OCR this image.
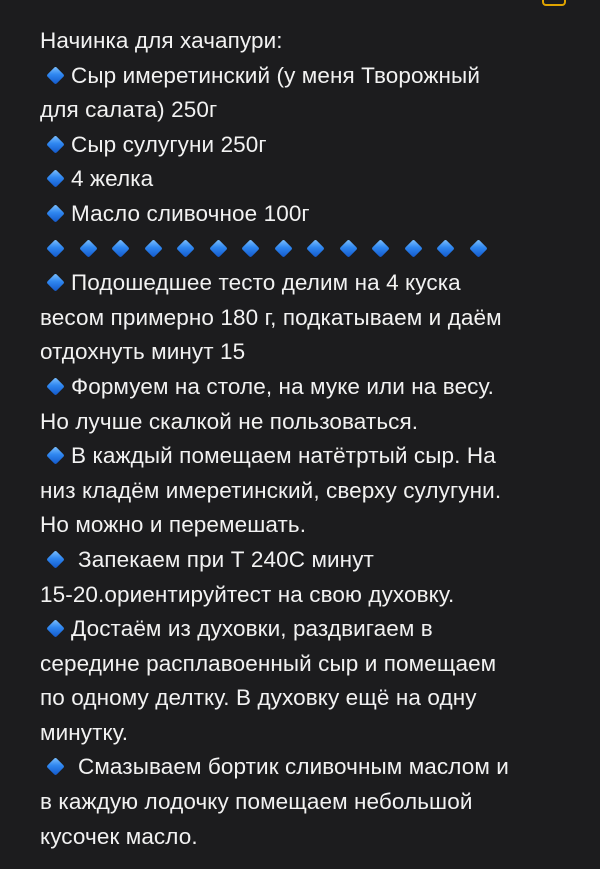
Начинка для хачапури:
Сыр имеретинский (у меня Творожный
для салата) 250г
Сыр сулугуни 250г
4 желка
Масло сливочное 100г
Подошедшее тесто делим на 4 куска
весом примерно 180 г, подкатываем и даём
отдохнуть минут 15
Формуем на столе, на муке или на весу.
Но лучше скалкой не пользоваться.
В каждый помещаем натётртый сыр. На
низ кладём имеретинский, сверху сулугуни.
Но можно и перемешать.
Запекаем при Т 240С минут
15-20.ориентируйтест на свою духовку.
Достаём из духовки, раздвигаем в
середине расплавоенный сыр и помещаем
по одному делтку. В духовку ещё на одну
минутку.
Смазываем бортик сливочным маслом и
в каждую лодочку помещаем небольшой
кусочек масло.
